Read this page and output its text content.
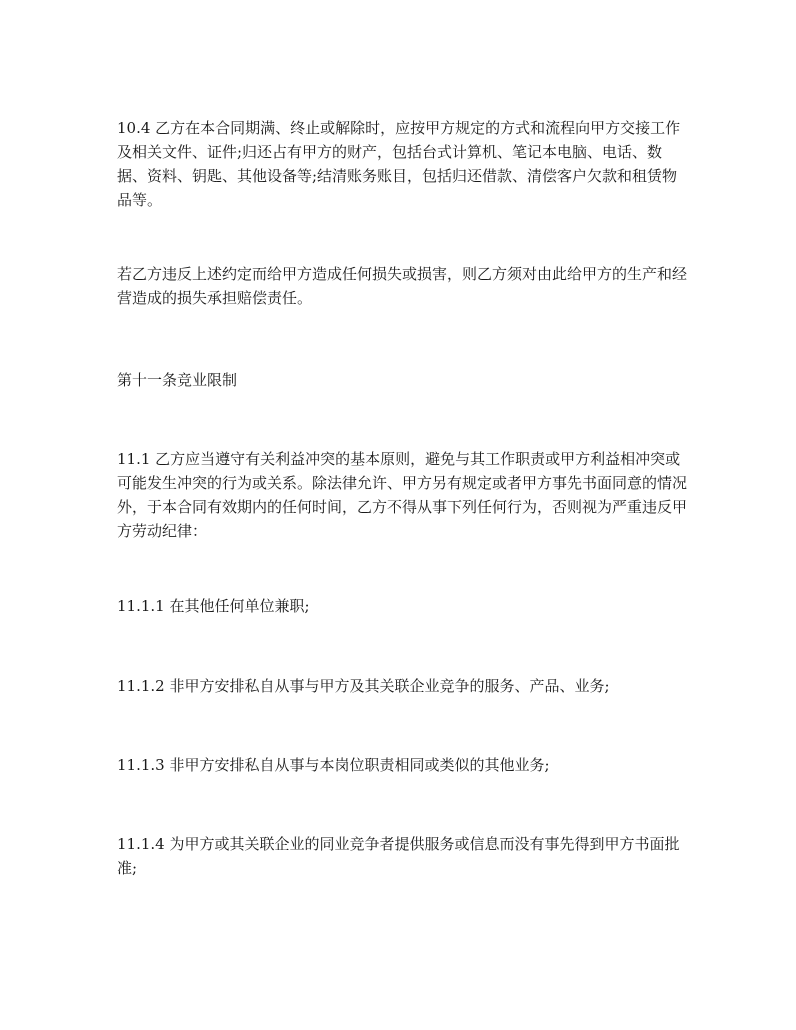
10.4 乙方在本合同期满、终止或解除时，应按甲方规定的方式和流程向甲方交接工作及相关文件、证件;归还占有甲方的财产，包括台式计算机、笔记本电脑、电话、数据、资料、钥匙、其他设备等;结清账务账目，包括归还借款、清偿客户欠款和租赁物品等。

若乙方违反上述约定而给甲方造成任何损失或损害，则乙方须对由此给甲方的生产和经营造成的损失承担赔偿责任。

第十一条竞业限制

11.1 乙方应当遵守有关利益冲突的基本原则，避免与其工作职责或甲方利益相冲突或可能发生冲突的行为或关系。除法律允许、甲方另有规定或者甲方事先书面同意的情况外，于本合同有效期内的任何时间，乙方不得从事下列任何行为，否则视为严重违反甲方劳动纪律：

11.1.1 在其他任何单位兼职;

11.1.2 非甲方安排私自从事与甲方及其关联企业竞争的服务、产品、业务;

11.1.3 非甲方安排私自从事与本岗位职责相同或类似的其他业务;

11.1.4 为甲方或其关联企业的同业竞争者提供服务或信息而没有事先得到甲方书面批准;
